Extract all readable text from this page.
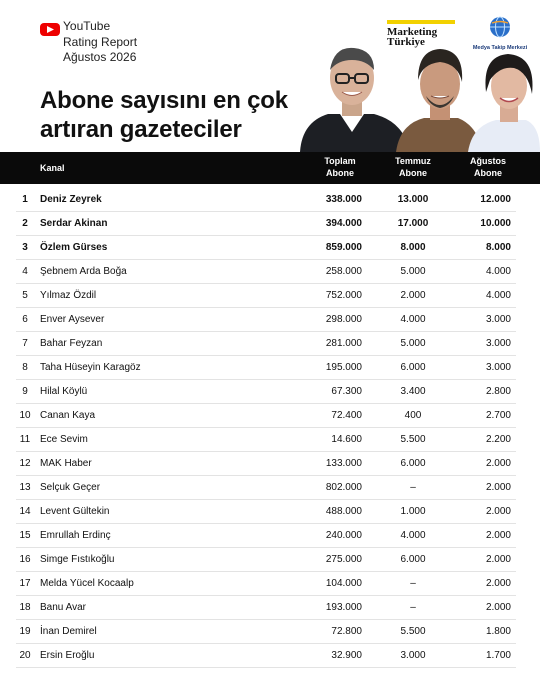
YouTube
Rating Report
Ağustos 2026
Abone sayısını en çok
artıran gazeteciler
Marketing
Türkiye	Medya Takip Merkezi
Kanal
Toplam
Abone
Temmuz
Abone
Ağustos
Abone
1	Deniz Zeyrek	338.000	13.000	12.000
2	Serdar Akinan	394.000	17.000	10.000
3	Özlem Gürses	859.000	8.000	8.000
4	Şebnem Arda Boğa	258.000	5.000	4.000
5	Yılmaz Özdil	752.000	2.000	4.000
6	Enver Aysever	298.000	4.000	3.000
7	Bahar Feyzan	281.000	5.000	3.000
8	Taha Hüseyin Karagöz	195.000	6.000	3.000
9	Hilal Köylü	67.300	3.400	2.800
10 Canan Kaya	72.400	400	2.700
11 Ece Sevim	14.600	5.500	2.200
12 MAK Haber	133.000	6.000	2.000
13 Selçuk Geçer	802.000	–	2.000
14 Levent Gültekin	488.000	1.000	2.000
15 Emrullah Erdinç	240.000	4.000	2.000
16 Simge Fıstıkoğlu	275.000	6.000	2.000
17 Melda Yücel Kocaalp	104.000	–	2.000
18 Banu Avar	193.000	–	2.000
19 İnan Demirel	72.800	5.500	1.800
20 Ersin Eroğlu	32.900	3.000	1.700
